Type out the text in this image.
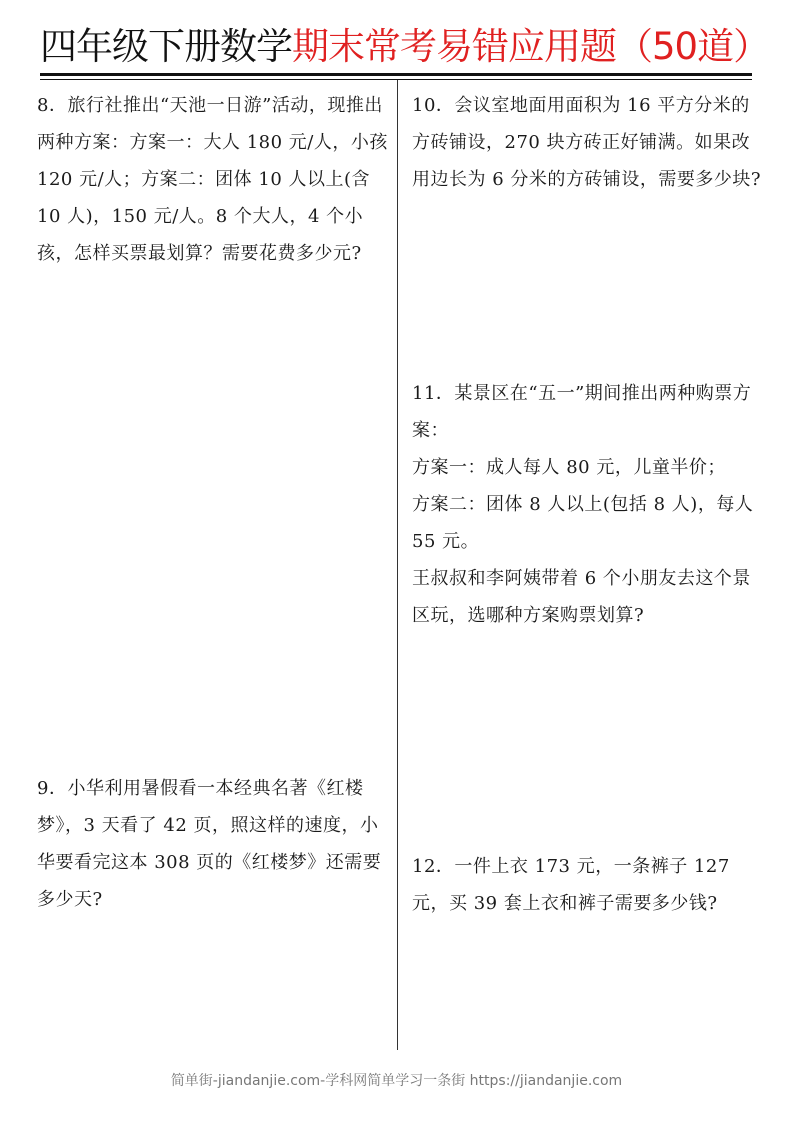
四年级下册数学期末常考易错应用题（50道）

8．旅行社推出“天池一日游”活动，现推出两种方案：方案一：大人 180 元/人，小孩 120 元/人；方案二：团体 10 人以上(含 10 人)，150 元/人。8 个大人，4 个小孩，怎样买票最划算？需要花费多少元?

9．小华利用暑假看一本经典名著《红楼梦》，3 天看了 42 页，照这样的速度，小华要看完这本 308 页的《红楼梦》还需要多少天?

10．会议室地面用面积为 16 平方分米的方砖铺设，270 块方砖正好铺满。如果改用边长为 6 分米的方砖铺设，需要多少块?

11．某景区在“五一”期间推出两种购票方案：

方案一：成人每人 80 元，儿童半价；

方案二：团体 8 人以上(包括 8 人)，每人 55 元。

王叔叔和李阿姨带着 6 个小朋友去这个景区玩，选哪种方案购票划算?

12．一件上衣 173 元，一条裤子 127 元，买 39 套上衣和裤子需要多少钱?

简单街-jiandanjie.com-学科网简单学习一条街 https://jiandanjie.com
